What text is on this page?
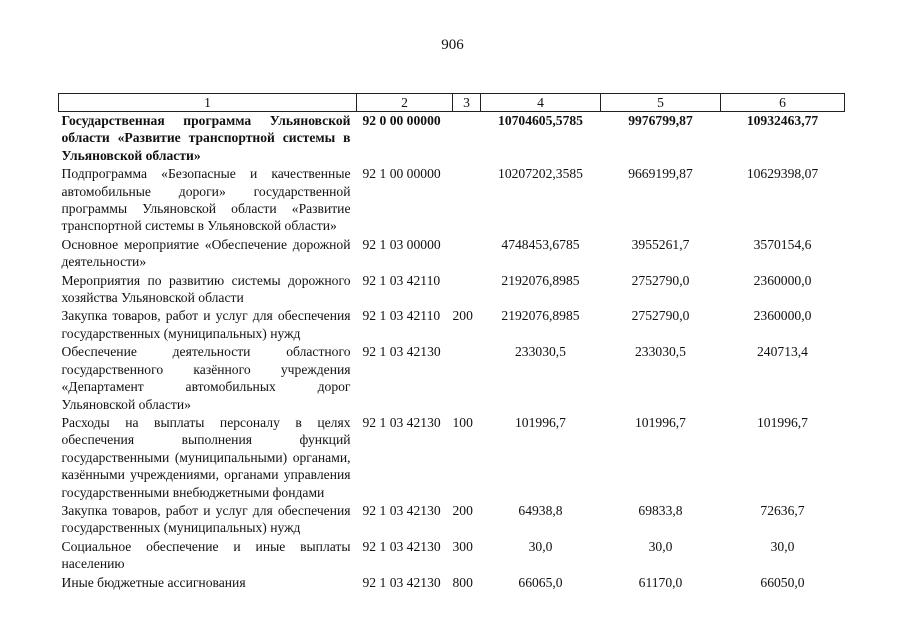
906
1	2	3	4	5	6
Государственная программа Ульяновской области «Развитие транспортной системы в Ульяновской области»	92 0 00 00000		10704605,5785	9976799,87	10932463,77
Подпрограмма «Безопасные и качественные автомобильные дороги» государственной программы Ульяновской области «Развитие транспортной системы в Ульяновской области»	92 1 00 00000		10207202,3585	9669199,87	10629398,07
Основное мероприятие «Обеспечение дорожной деятельности»	92 1 03 00000		4748453,6785	3955261,7	3570154,6
Мероприятия по развитию системы дорожного хозяйства Ульяновской области	92 1 03 42110		2192076,8985	2752790,0	2360000,0
Закупка товаров, работ и услуг для обеспечения государственных (муниципальных) нужд	92 1 03 42110	200	2192076,8985	2752790,0	2360000,0
Обеспечение деятельности областного государственного казённого учреждения «Департамент автомобильных дорог Ульяновской области»	92 1 03 42130		233030,5	233030,5	240713,4
Расходы на выплаты персоналу в целях обеспечения выполнения функций государственными (муниципальными) органами, казёнными учреждениями, органами управления государственными внебюджетными фондами	92 1 03 42130	100	101996,7	101996,7	101996,7
Закупка товаров, работ и услуг для обеспечения государственных (муниципальных) нужд	92 1 03 42130	200	64938,8	69833,8	72636,7
Социальное обеспечение и иные выплаты населению	92 1 03 42130	300	30,0	30,0	30,0
Иные бюджетные ассигнования	92 1 03 42130	800	66065,0	61170,0	66050,0
